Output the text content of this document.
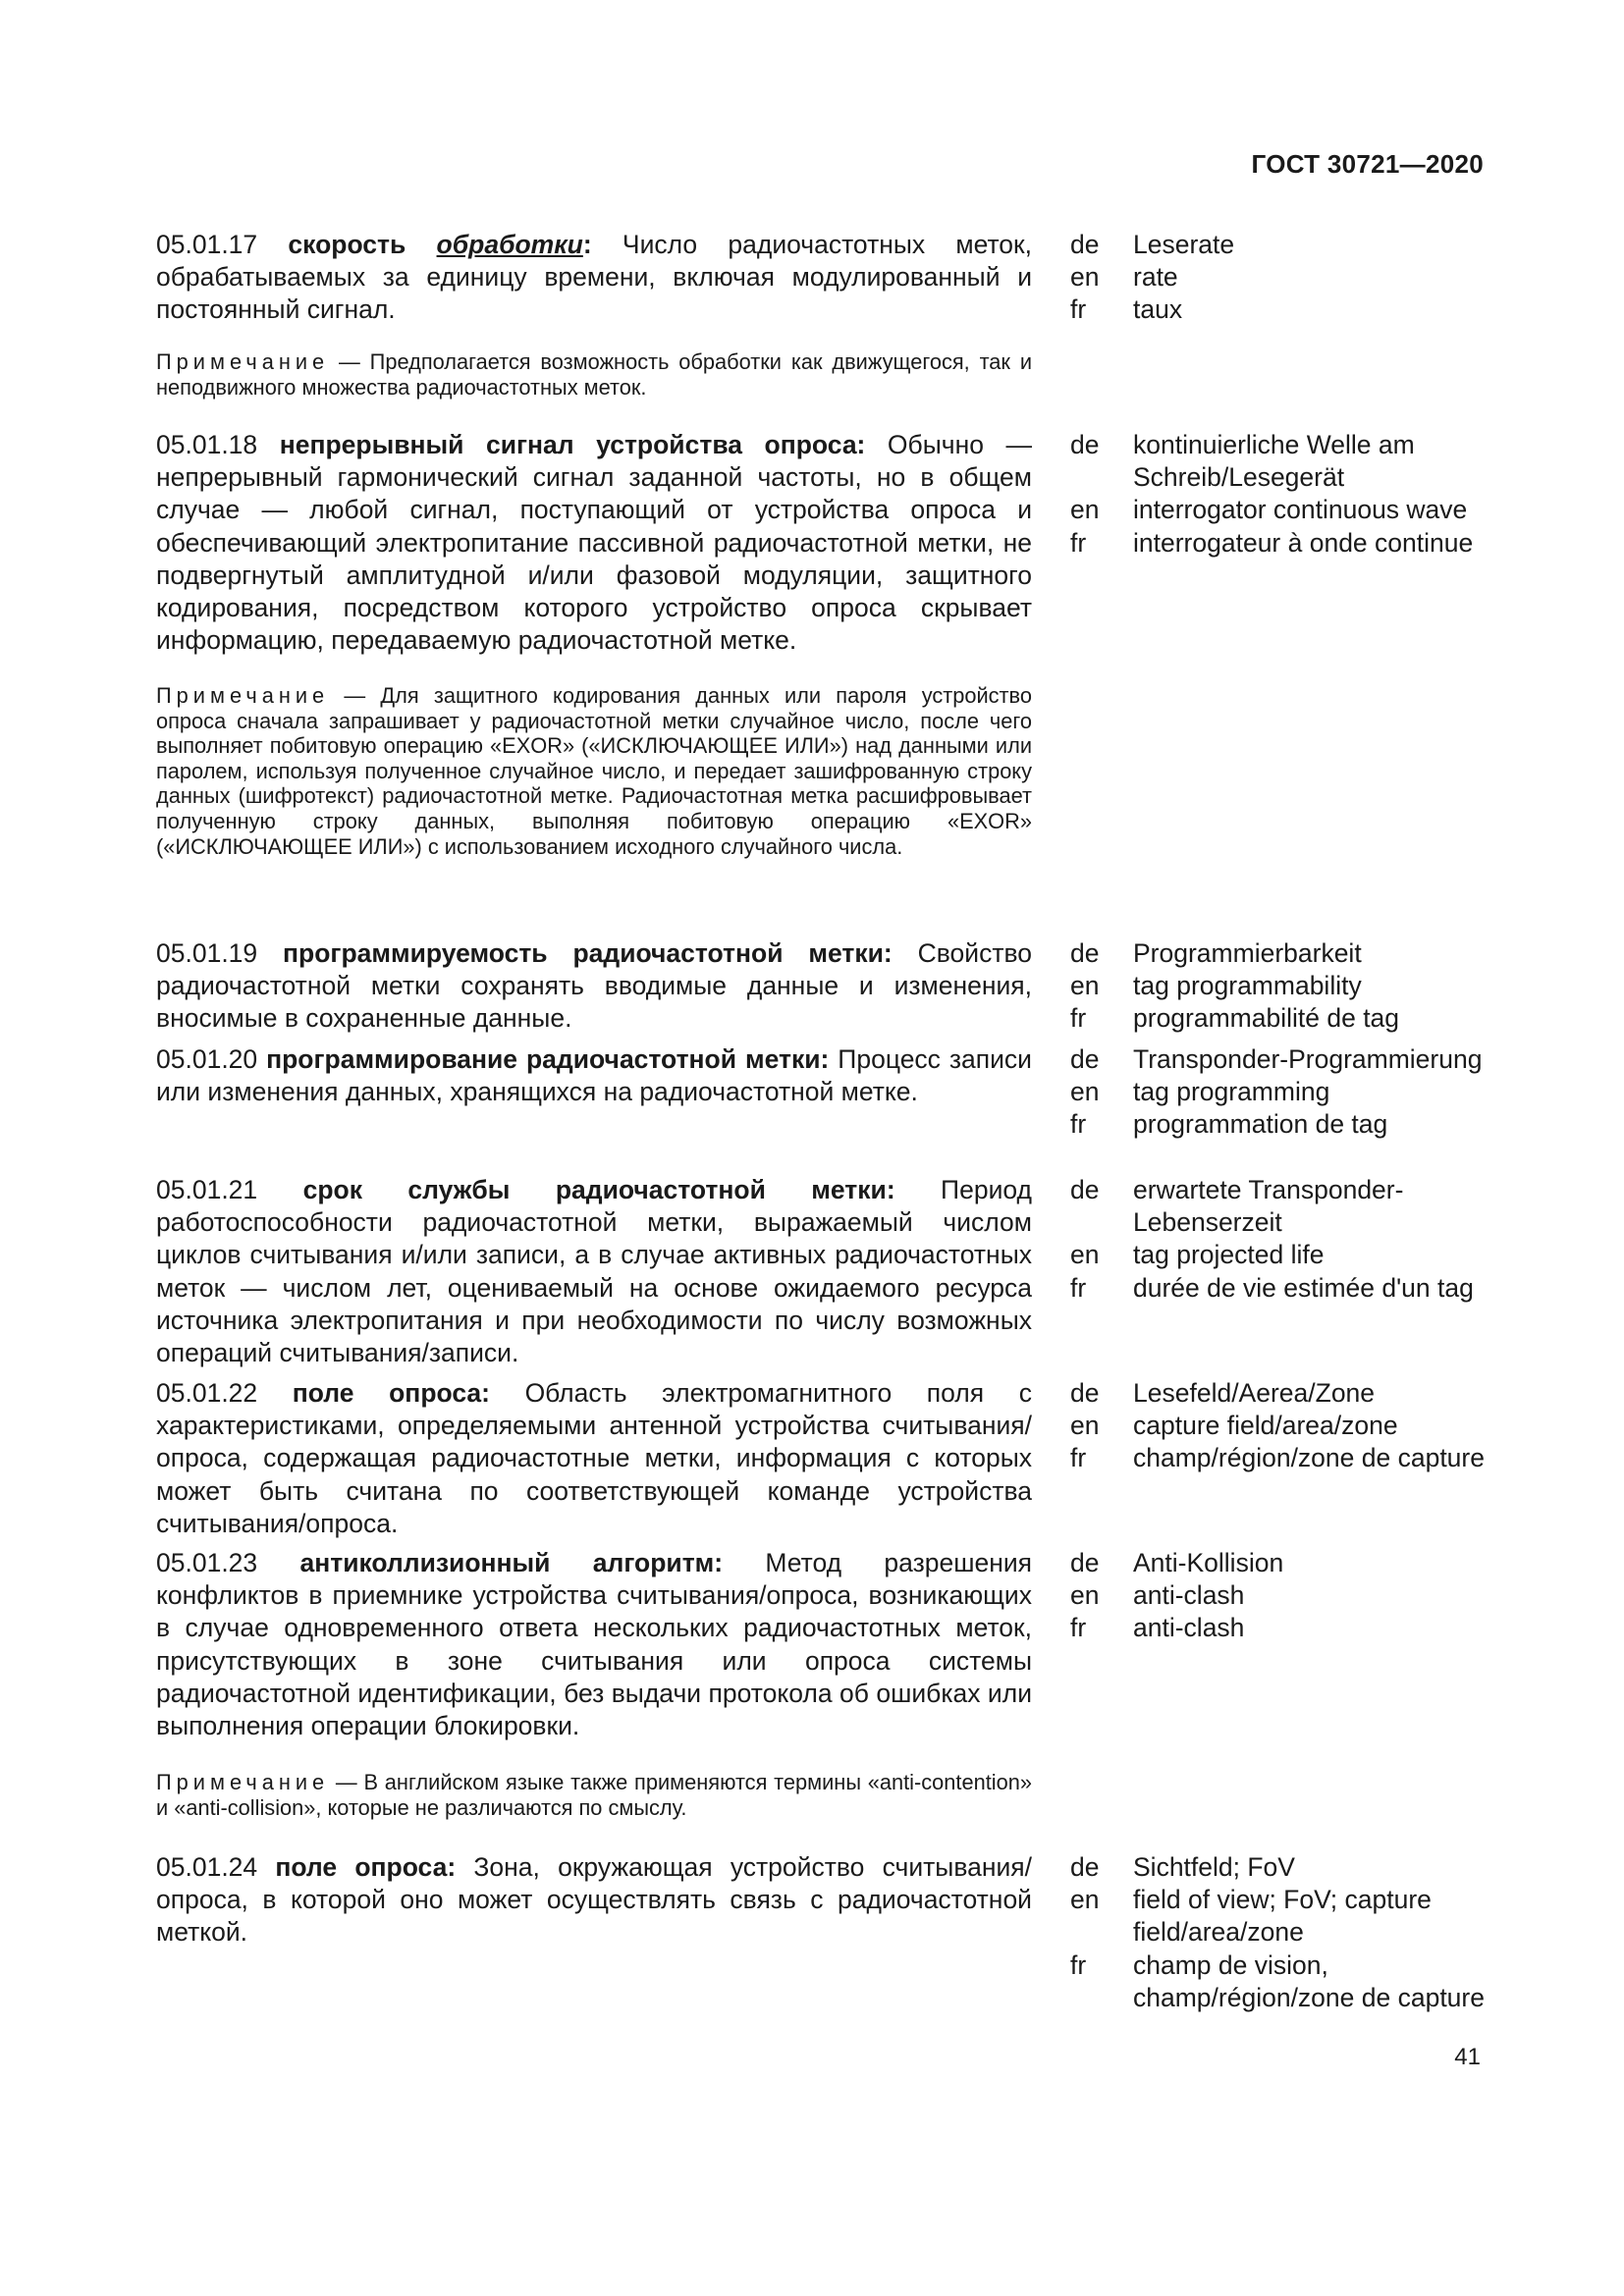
ГОСТ 30721—2020
05.01.17 скорость обработки: Число радиочастотных меток, обрабатываемых за единицу времени, включая модулированный и постоянный сигнал.
Примечание — Предполагается возможность обработки как движущегося, так и неподвижного множества радиочастотных меток.
de	Leserate
en	rate
fr	taux
05.01.18 непрерывный сигнал устройства опроса: Обычно — непрерывный гармонический сигнал заданной частоты, но в общем случае — любой сигнал, поступающий от устройства опроса и обеспечивающий электропитание пассивной радиочастотной метки, не подвергнутый амплитудной и/или фазовой модуляции, защитного кодирования, посредством которого устройство опроса скрывает информацию, передаваемую радиочастотной метке.
Примечание — Для защитного кодирования данных или пароля устройство опроса сначала запрашивает у радиочастотной метки случайное число, после чего выполняет побитовую операцию «EXOR» («ИСКЛЮЧАЮЩЕЕ ИЛИ») над данными или паролем, используя полученное случайное число, и передает зашифрованную строку данных (шифротекст) радиочастотной метке. Радиочастотная метка расшифровывает полученную строку данных, выполняя побитовую операцию «EXOR» («ИСКЛЮЧАЮЩЕЕ ИЛИ») с использованием исходного случайного числа.
de	kontinuierliche Welle am Schreib/Lesegerät
en	interrogator continuous wave
fr	interrogateur à onde continue
05.01.19 программируемость радиочастотной метки: Свойство радиочастотной метки сохранять вводимые данные и изменения, вносимые в сохраненные данные.
de	Programmierbarkeit
en	tag programmability
fr	programmabilité de tag
05.01.20 программирование радиочастотной метки: Процесс записи или изменения данных, хранящихся на радиочастотной метке.
de	Transponder-Programmierung
en	tag programming
fr	programmation de tag
05.01.21 срок службы радиочастотной метки: Период работоспособности радиочастотной метки, выражаемый числом циклов считывания и/или записи, а в случае активных радиочастотных меток — числом лет, оцениваемый на основе ожидаемого ресурса источника электропитания и при необходимости по числу возможных операций считывания/записи.
de	erwartete Transponder-Lebenserzeit
en	tag projected life
fr	durée de vie estimée d'un tag
05.01.22 поле опроса: Область электромагнитного поля с характеристиками, определяемыми антенной устройства считывания/опроса, содержащая радиочастотные метки, информация с которых может быть считана по соответствующей команде устройства считывания/опроса.
de	Lesefeld/Aerea/Zone
en	capture field/area/zone
fr	champ/région/zone de capture
05.01.23 антиколлизионный алгоритм: Метод разрешения конфликтов в приемнике устройства считывания/опроса, возникающих в случае одновременного ответа нескольких радиочастотных меток, присутствующих в зоне считывания или опроса системы радиочастотной идентификации, без выдачи протокола об ошибках или выполнения операции блокировки.
Примечание — В английском языке также применяются термины «anti-contention» и «anti-collision», которые не различаются по смыслу.
de	Anti-Kollision
en	anti-clash
fr	anti-clash
05.01.24 поле опроса: Зона, окружающая устройство считывания/опроса, в которой оно может осуществлять связь с радиочастотной меткой.
de	Sichtfeld; FoV
en	field of view; FoV; capture field/area/zone
fr	champ de vision, champ/région/zone de capture
41
